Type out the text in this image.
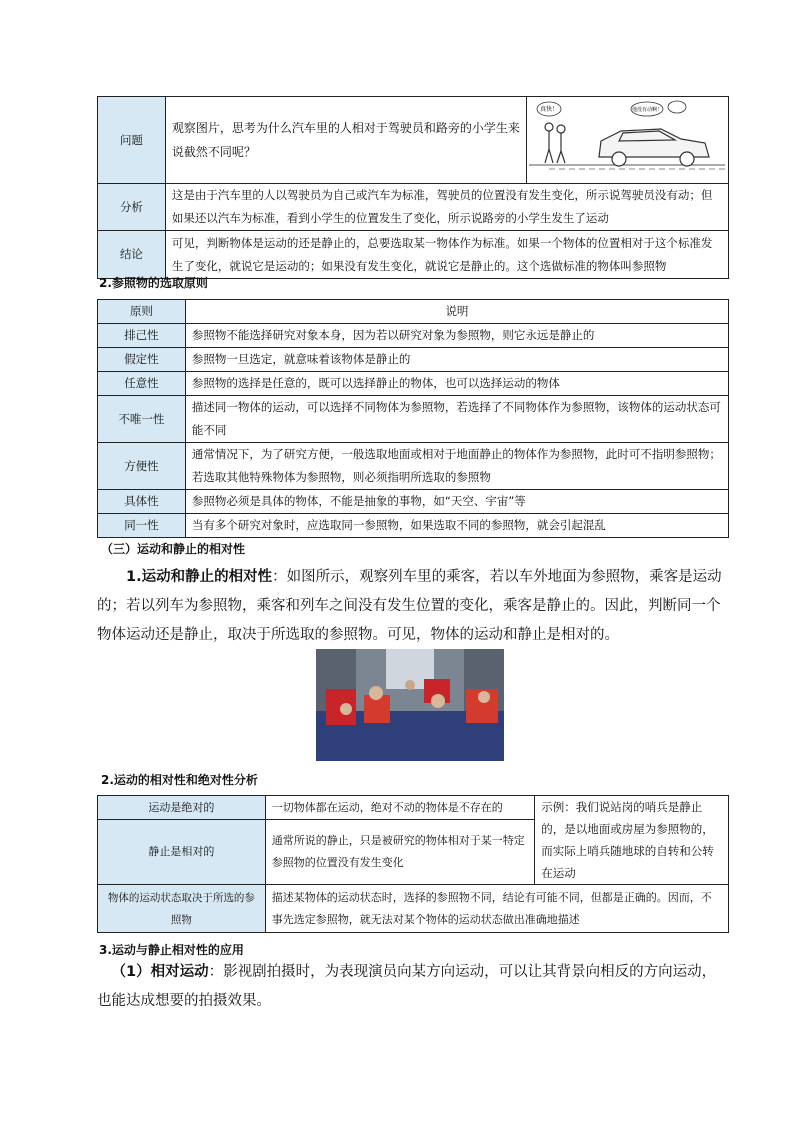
问题	观察图片，思考为什么汽车里的人相对于驾驶员和路旁的小学生来说截然不同呢？	真快！ 他没有动啊！

分析	这是由于汽车里的人以驾驶员为自己或汽车为标准，驾驶员的位置没有发生变化，所示说驾驶员没有动；但如果还以汽车为标准，看到小学生的位置发生了变化，所示说路旁的小学生发生了运动	
结论	可见，判断物体是运动的还是静止的，总要选取某一物体作为标准。如果一个物体的位置相对于这个标准发生了变化，就说它是运动的；如果没有发生变化，就说它是静止的。这个选做标准的物体叫参照物	

2.参照物的选取原则

原则	说明
排己性	参照物不能选择研究对象本身，因为若以研究对象为参照物，则它永远是静止的
假定性	参照物一旦选定，就意味着该物体是静止的
任意性	参照物的选择是任意的，既可以选择静止的物体，也可以选择运动的物体
不唯一性	描述同一物体的运动，可以选择不同物体为参照物，若选择了不同物体作为参照物，该物体的运动状态可能不同
方便性	通常情况下，为了研究方便，一般选取地面或相对于地面静止的物体作为参照物，此时可不指明参照物；若选取其他特殊物体为参照物，则必须指明所选取的参照物
具体性	参照物必须是具体的物体，不能是抽象的事物，如“天空、宇宙”等
同一性	当有多个研究对象时，应选取同一参照物，如果选取不同的参照物，就会引起混乱

（三）运动和静止的相对性

1.运动和静止的相对性：如图所示，观察列车里的乘客，若以车外地面为参照物，乘客是运动的；若以列车为参照物，乘客和列车之间没有发生位置的变化，乘客是静止的。因此，判断同一个物体运动还是静止，取决于所选取的参照物。可见，物体的运动和静止是相对的。

2.运动的相对性和绝对性分析

运动是绝对的	一切物体都在运动，绝对不动的物体是不存在的	示例：我们说站岗的哨兵是静止的，是以地面或房屋为参照物的，而实际上哨兵随地球的自转和公转在运动
静止是相对的	通常所说的静止，只是被研究的物体相对于某一特定参照物的位置没有发生变化	
物体的运动状态取决于所选的参照物	描述某物体的运动状态时，选择的参照物不同，结论有可能不同，但都是正确的。因而，不事先选定参照物，就无法对某个物体的运动状态做出准确地描述	

3.运动与静止相对性的应用

（1）相对运动：影视剧拍摄时，为表现演员向某方向运动，可以让其背景向相反的方向运动，也能达成想要的拍摄效果。
